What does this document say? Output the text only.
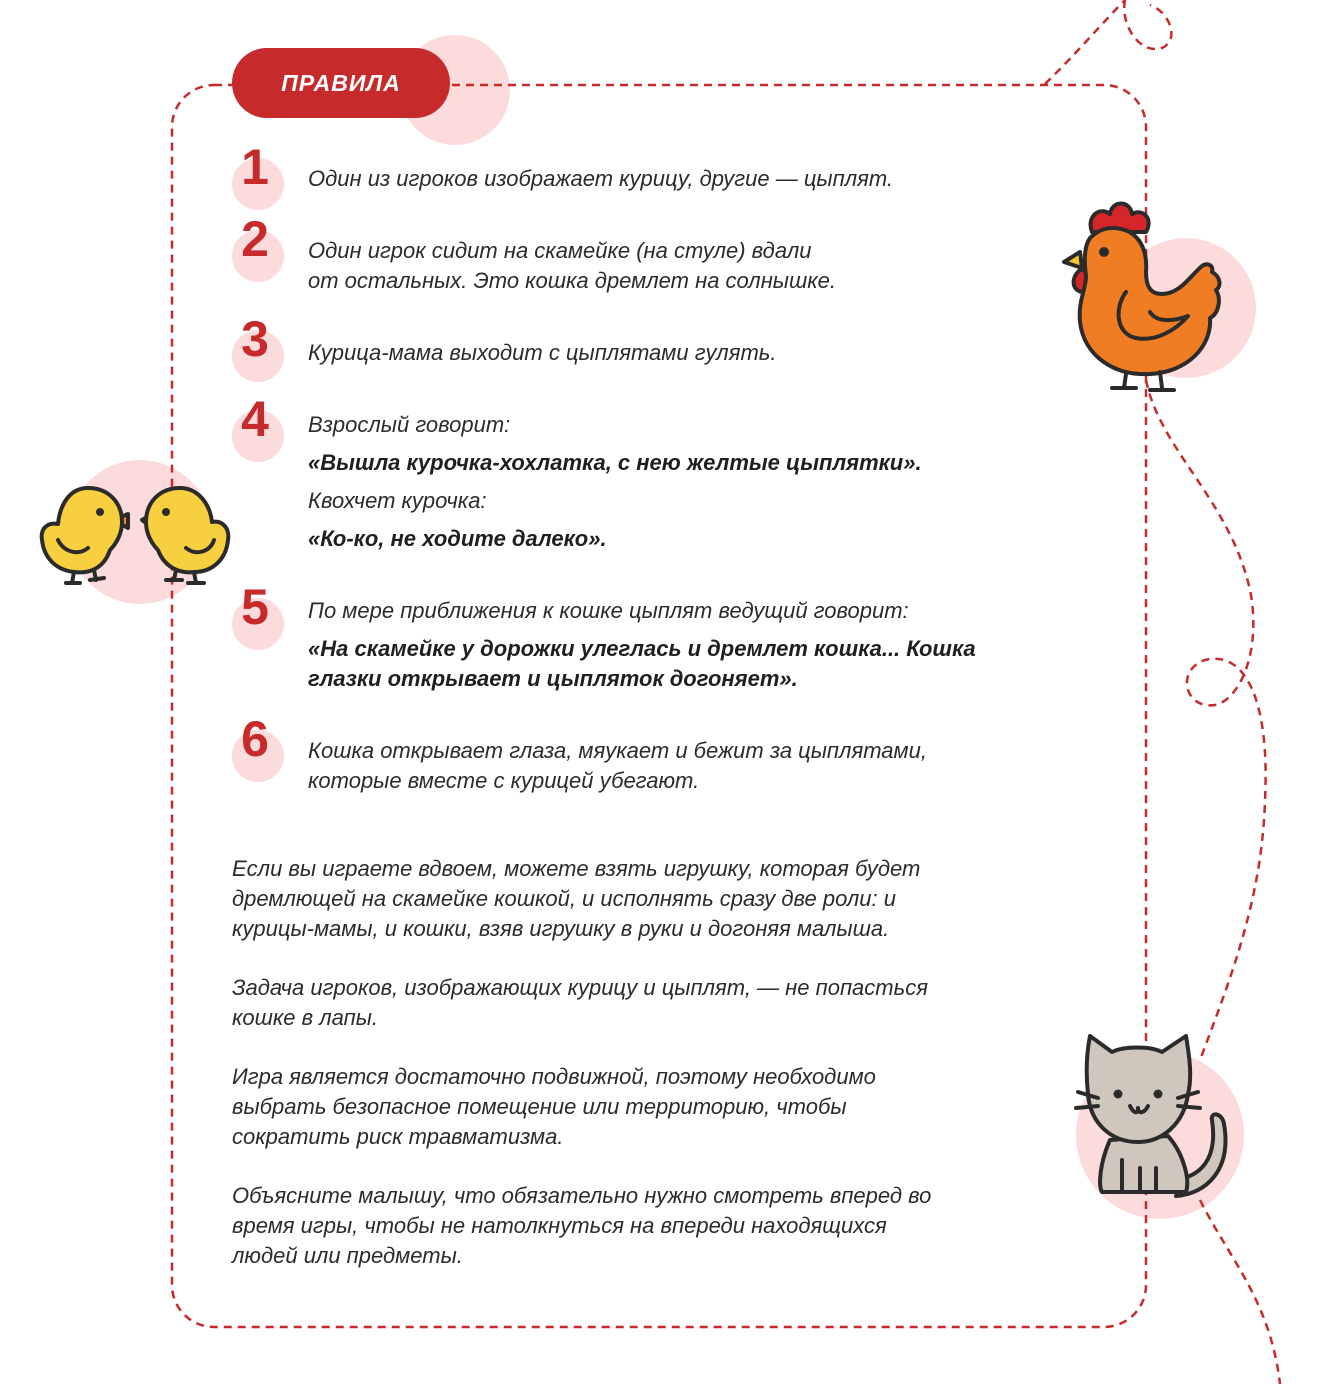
ПРАВИЛА
1	Один из игроков изображает курицу, другие — цыплят.

2	Один игрок сидит на скамейке (на стуле) вдали

от остальных. Это кошка дремлет на солнышке.

3	Курица-мама выходит с цыплятами гулять.

4	Взрослый говорит:

«Вышла курочка-хохлатка, с нею желтые цыплятки».

Квохчет курочка:

«Ко-ко, не ходите далеко».

5	По мере приближения к кошке цыплят ведущий говорит:

«На скамейке у дорожки улеглась и дремлет кошка... Кошка

глазки открывает и цыпляток догоняет».

6	Кошка открывает глаза, мяукает и бежит за цыплятами,

которые вместе с курицей убегают.

Если вы играете вдвоем, можете взять игрушку, которая будет
дремлющей на скамейке кошкой, и исполнять сразу две роли: и
курицы-мамы, и кошки, взяв игрушку в руки и догоняя малыша.

Задача игроков, изображающих курицу и цыплят, — не попасться
кошке в лапы.

Игра является достаточно подвижной, поэтому необходимо
выбрать безопасное помещение или территорию, чтобы
сократить риск травматизма.

Объясните малышу, что обязательно нужно смотреть вперед во
время игры, чтобы не натолкнуться на впереди находящихся
людей или предметы.
